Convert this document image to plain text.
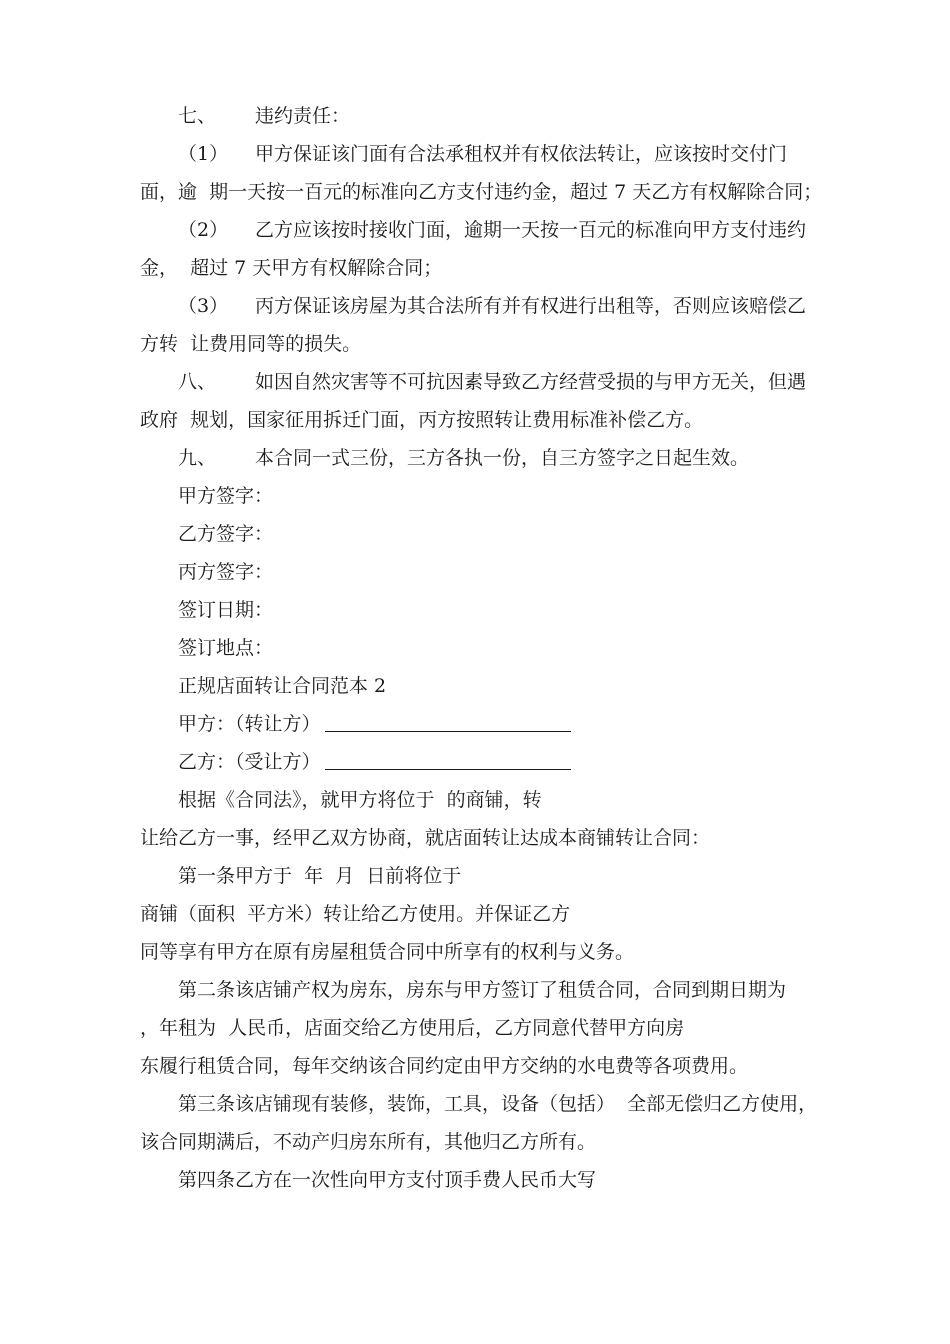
七、 违约责任：
（1） 甲方保证该门面有合法承租权并有权依法转让，应该按时交付门
面，逾  期一天按一百元的标准向乙方支付违约金，超过 7 天乙方有权解除合同；
（2） 乙方应该按时接收门面，逾期一天按一百元的标准向甲方支付违约
金，  超过 7 天甲方有权解除合同；
（3） 丙方保证该房屋为其合法所有并有权进行出租等，否则应该赔偿乙
方转  让费用同等的损失。
八、 如因自然灾害等不可抗因素导致乙方经营受损的与甲方无关，但遇
政府  规划，国家征用拆迁门面，丙方按照转让费用标准补偿乙方。
九、 本合同一式三份，三方各执一份，自三方签字之日起生效。
甲方签字：
乙方签字：
丙方签字：
签订日期：
签订地点：
正规店面转让合同范本 2
甲方：（转让方）
乙方：（受让方）
根据《合同法》，就甲方将位于  的商铺，转
让给乙方一事，经甲乙双方协商，就店面转让达成本商铺转让合同：
第一条甲方于  年  月  日前将位于
商铺（面积  平方米）转让给乙方使用。并保证乙方
同等享有甲方在原有房屋租赁合同中所享有的权利与义务。
第二条该店铺产权为房东，房东与甲方签订了租赁合同，合同到期日期为
，年租为  人民币，店面交给乙方使用后，乙方同意代替甲方向房
东履行租赁合同，每年交纳该合同约定由甲方交纳的水电费等各项费用。
第三条该店铺现有装修，装饰，工具，设备（包括）  全部无偿归乙方使用，
该合同期满后，不动产归房东所有，其他归乙方所有。
第四条乙方在一次性向甲方支付顶手费人民币大写
